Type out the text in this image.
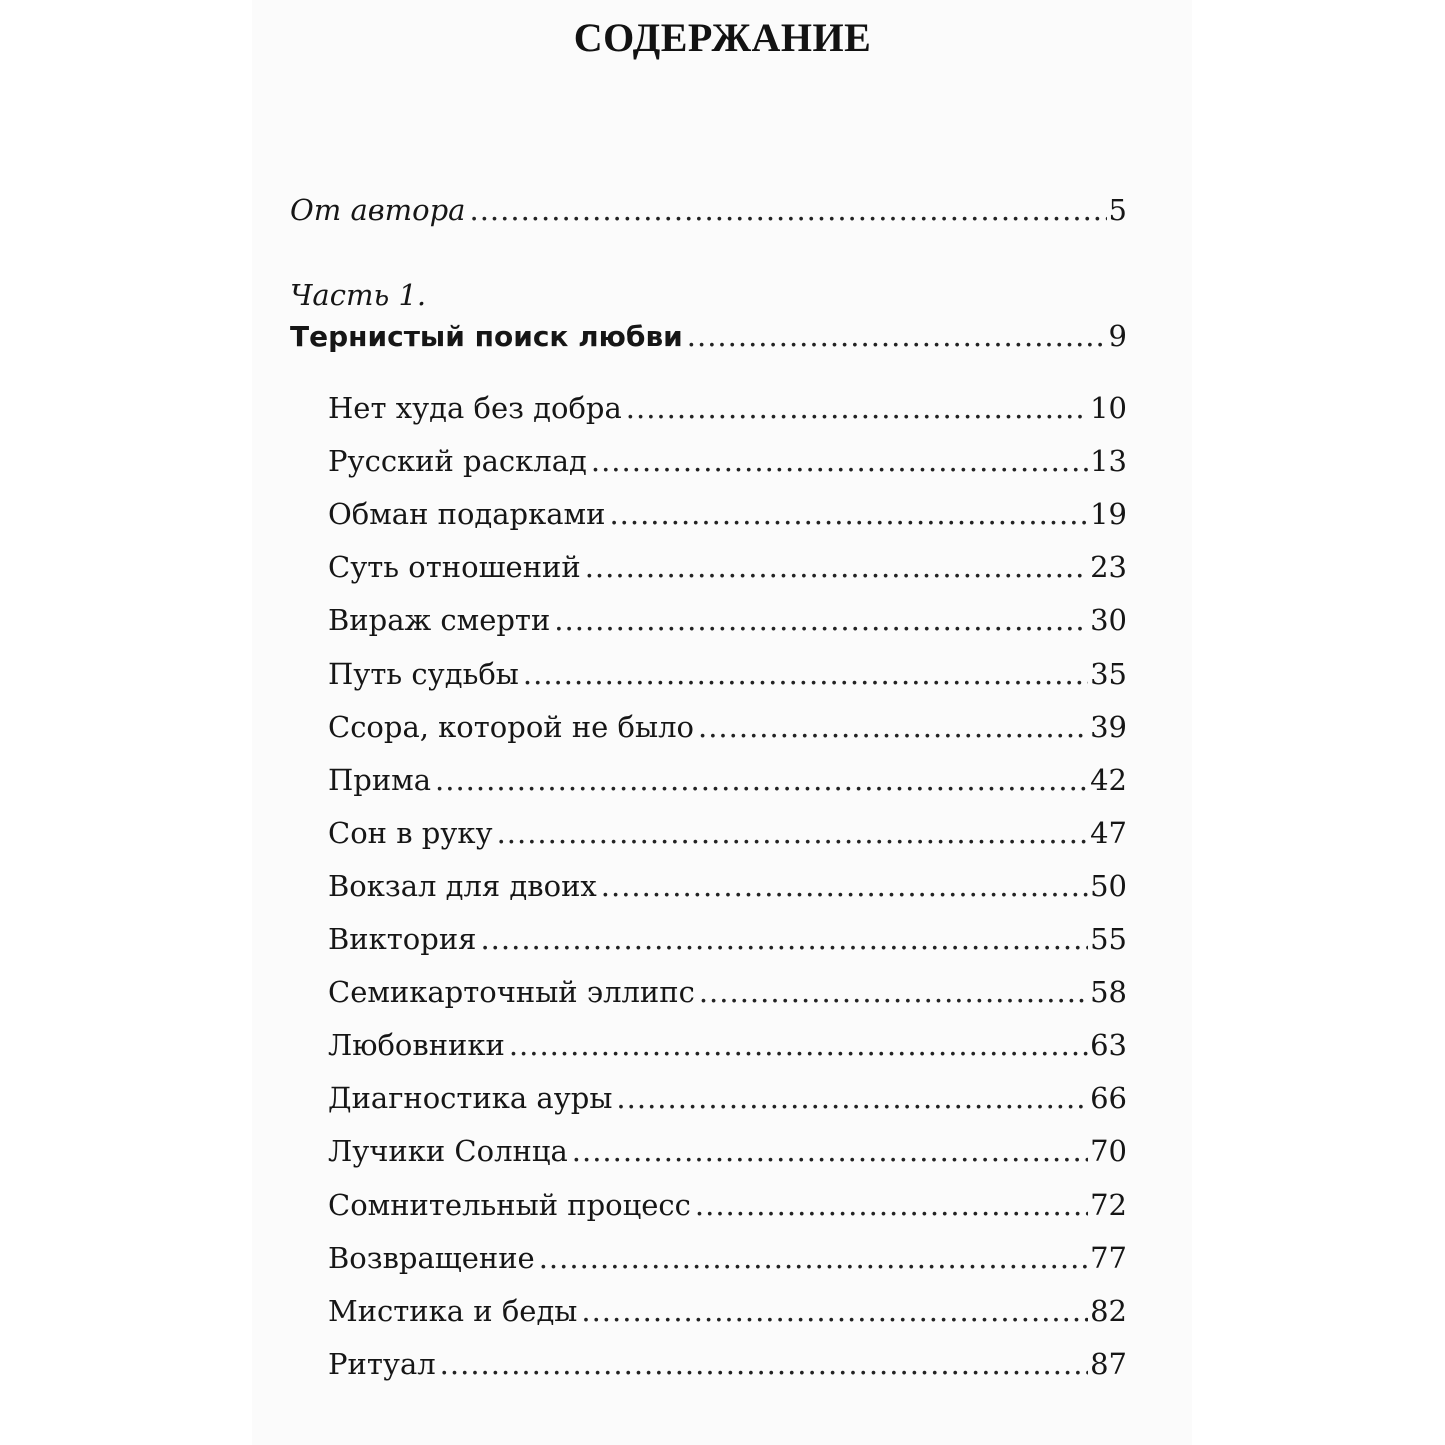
СОДЕРЖАНИЕ
От автора .....	5
Часть 1.
Тернистый поиск любви .....	9
Нет худа без добра .....	10
Русский расклад .....	13
Обман подарками .....	19
Суть отношений .....	23
Вираж смерти .....	30
Путь судьбы .....	35
Ссора, которой не было .....	39
Прима .....	42
Сон в руку .....	47
Вокзал для двоих .....	50
Виктория .....	55
Семикарточный эллипс .....	58
Любовники .....	63
Диагностика ауры .....	66
Лучики Солнца .....	70
Сомнительный процесс .....	72
Возвращение .....	77
Мистика и беды .....	82
Ритуал .....	87
